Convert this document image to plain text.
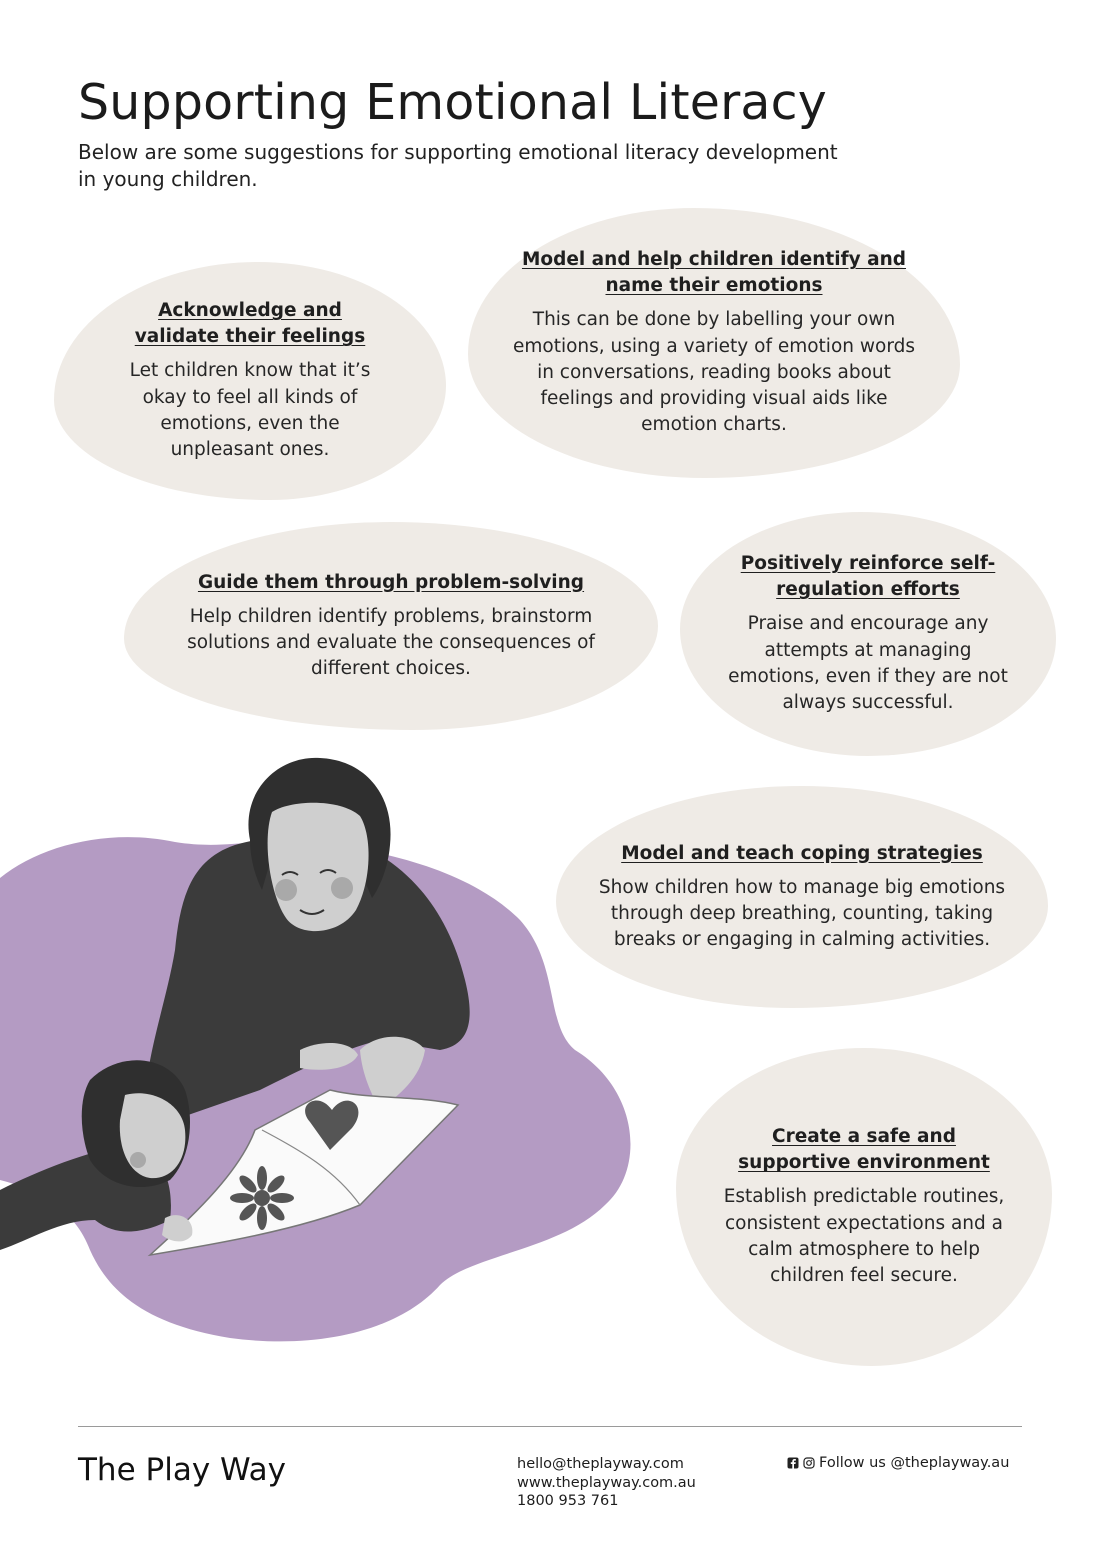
Supporting Emotional Literacy

Below are some suggestions for supporting emotional literacy development in young children.

Acknowledge and validate their feelings

Let children know that it’s okay to feel all kinds of emotions, even the unpleasant ones.

Model and help children identify and name their emotions

This can be done by labelling your own emotions, using a variety of emotion words in conversations, reading books about feelings and providing visual aids like emotion charts.

Guide them through problem-solving

Help children identify problems, brainstorm solutions and evaluate the consequences of different choices.

Positively reinforce self-regulation efforts

Praise and encourage any attempts at managing emotions, even if they are not always successful.

Model and teach coping strategies

Show children how to manage big emotions through deep breathing, counting, taking breaks or engaging in calming activities.

Create a safe and supportive environment

Establish predictable routines, consistent expectations and a calm atmosphere to help children feel secure.

The Play Way	hello@theplayway.com
www.theplayway.com.au
1800 953 761
Follow us @theplayway.au
